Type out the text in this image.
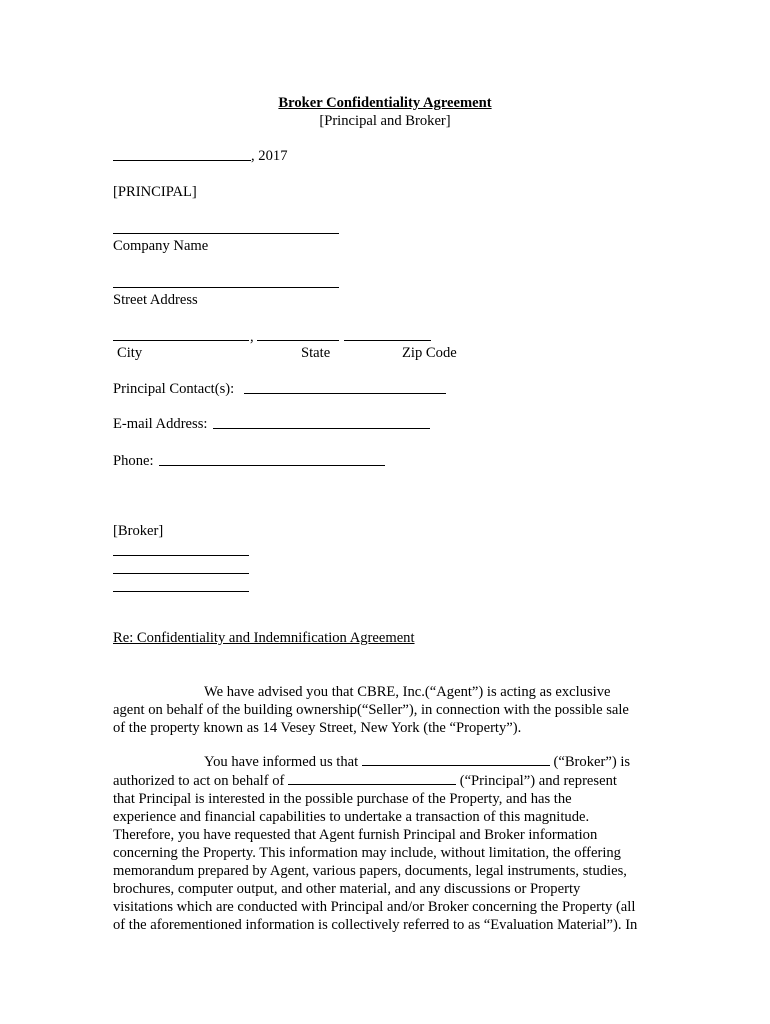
Broker Confidentiality Agreement
[Principal and Broker]
, 2017
[PRINCIPAL]
Company Name
Street Address
,
City	State	Zip Code
Principal Contact(s):
E-mail Address:
Phone:
[Broker]
Re: Confidentiality and Indemnification Agreement
We have advised you that CBRE, Inc.(“Agent”) is acting as exclusive
agent on behalf of the building ownership(“Seller”), in connection with the possible sale
of the property known as 14 Vesey Street, New York (the “Property”).
You have informed us that	(“Broker”) is
authorized to act on behalf of	(“Principal”) and represent
that Principal is interested in the possible purchase of the Property, and has the
experience and financial capabilities to undertake a transaction of this magnitude.
Therefore, you have requested that Agent furnish Principal and Broker information
concerning the Property. This information may include, without limitation, the offering
memorandum prepared by Agent, various papers, documents, legal instruments, studies,
brochures, computer output, and other material, and any discussions or Property
visitations which are conducted with Principal and/or Broker concerning the Property (all
of the aforementioned information is collectively referred to as “Evaluation Material”). In
